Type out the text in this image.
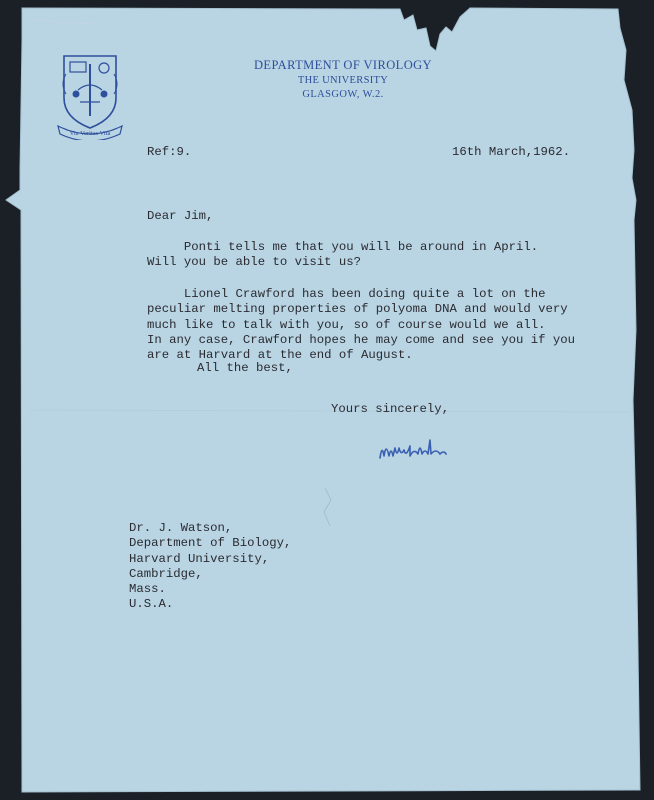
Via Veritas Vita
DEPARTMENT OF VIROLOGY
THE UNIVERSITY
GLASGOW, W.2.
Ref:9.	16th March,1962.
Dear Jim,
Ponti tells me that you will be around in April.
Will you be able to visit us?
Lionel Crawford has been doing quite a lot on the
peculiar melting properties of polyoma DNA and would very
much like to talk with you, so of course would we all.
In any case, Crawford hopes he may come and see you if you
are at Harvard at the end of August.
All the best,
Yours sincerely,
Dr. J. Watson,
Department of Biology,
Harvard University,
Cambridge,
Mass.
U.S.A.
